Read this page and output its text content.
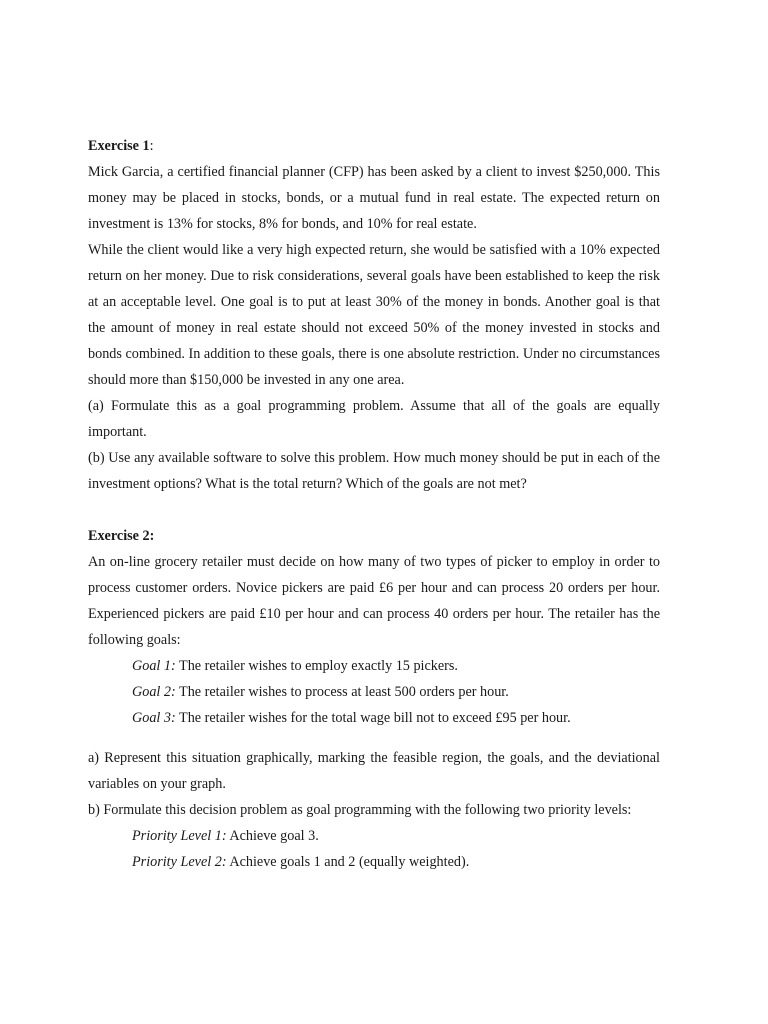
Exercise 1:

Mick Garcia, a certified financial planner (CFP) has been asked by a client to invest $250,000. This money may be placed in stocks, bonds, or a mutual fund in real estate. The expected return on investment is 13% for stocks, 8% for bonds, and 10% for real estate.

While the client would like a very high expected return, she would be satisfied with a 10% expected return on her money. Due to risk considerations, several goals have been established to keep the risk at an acceptable level. One goal is to put at least 30% of the money in bonds. Another goal is that the amount of money in real estate should not exceed 50% of the money invested in stocks and bonds combined. In addition to these goals, there is one absolute restriction. Under no circumstances should more than $150,000 be invested in any one area.

(a) Formulate this as a goal programming problem. Assume that all of the goals are equally important.

(b) Use any available software to solve this problem. How much money should be put in each of the investment options? What is the total return? Which of the goals are not met?

Exercise 2:

An on-line grocery retailer must decide on how many of two types of picker to employ in order to process customer orders. Novice pickers are paid £6 per hour and can process 20 orders per hour. Experienced pickers are paid £10 per hour and can process 40 orders per hour. The retailer has the following goals:

Goal 1: The retailer wishes to employ exactly 15 pickers.

Goal 2: The retailer wishes to process at least 500 orders per hour.

Goal 3: The retailer wishes for the total wage bill not to exceed £95 per hour.

a) Represent this situation graphically, marking the feasible region, the goals, and the deviational variables on your graph.

b) Formulate this decision problem as goal programming with the following two priority levels:

Priority Level 1: Achieve goal 3.

Priority Level 2: Achieve goals 1 and 2 (equally weighted).
